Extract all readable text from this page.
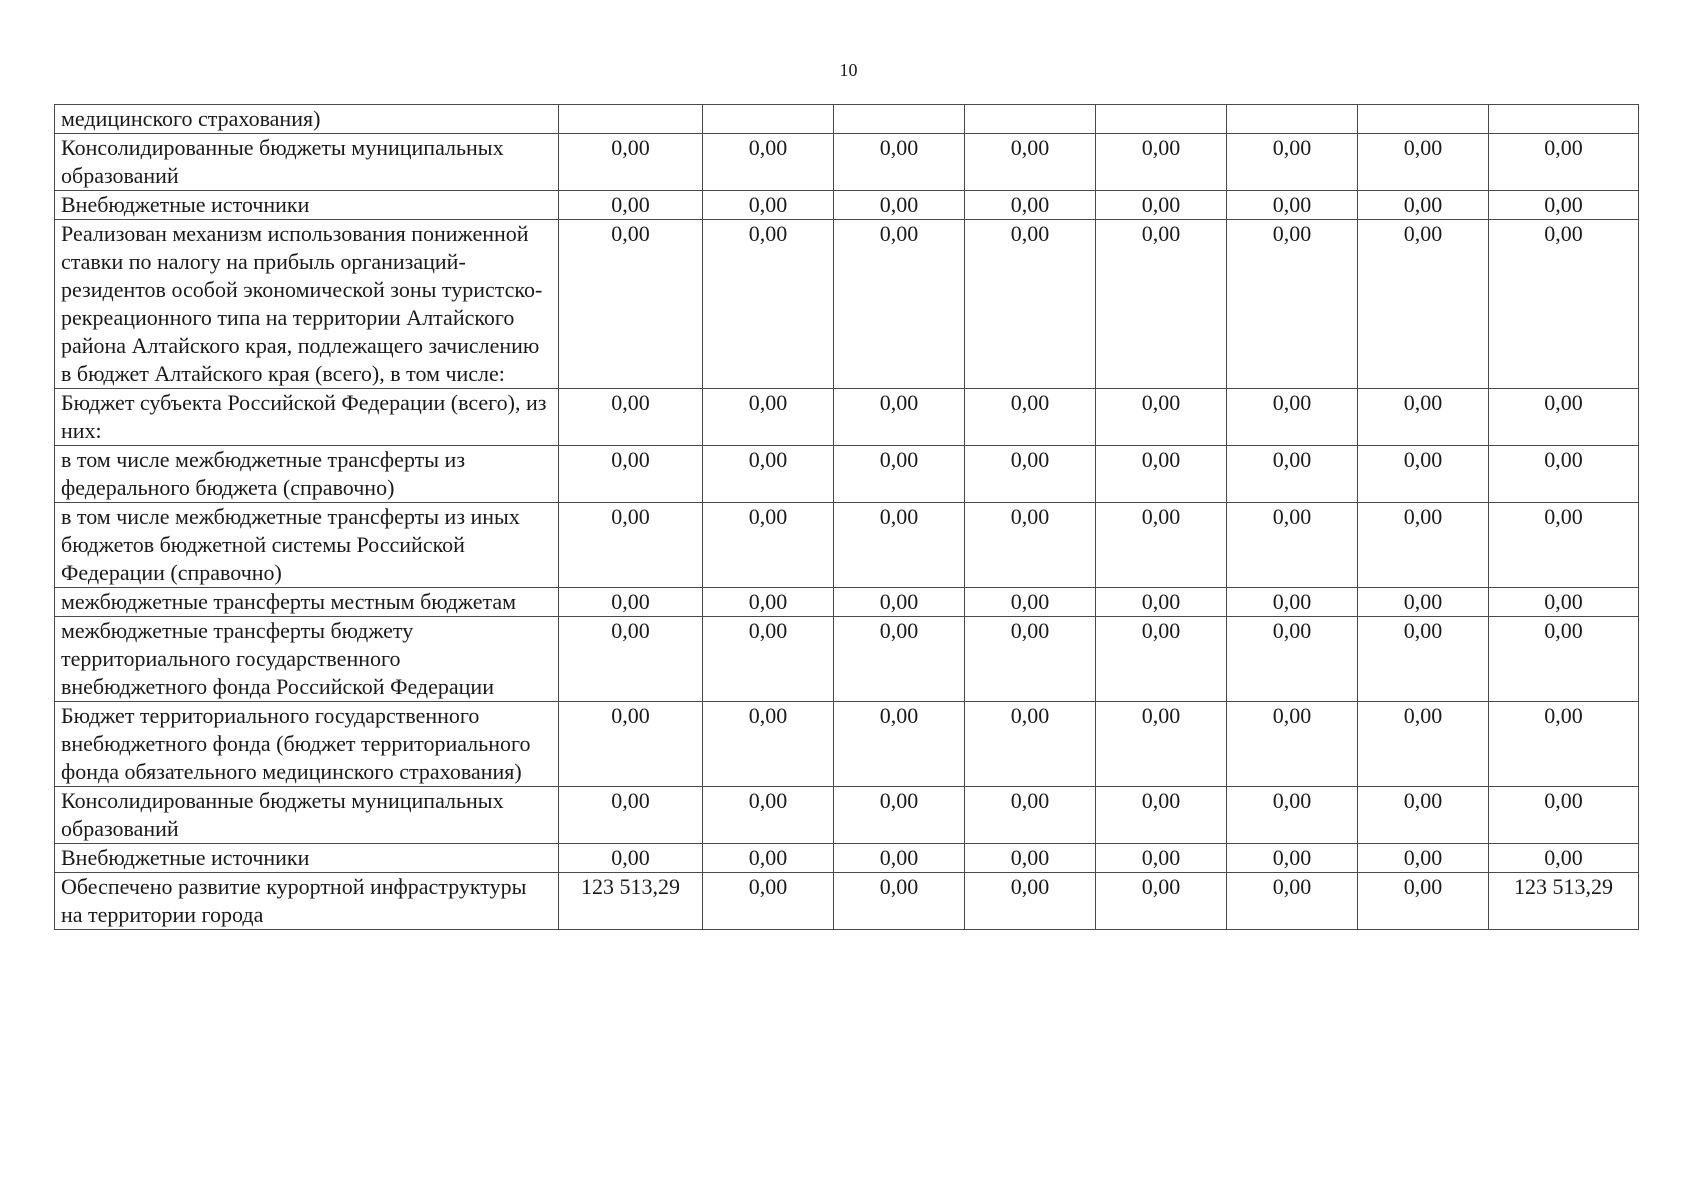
10
медицинского страхования)								
Консолидированные бюджеты муниципальных образований	0,00	0,00	0,00	0,00	0,00	0,00	0,00	0,00
Внебюджетные источники	0,00	0,00	0,00	0,00	0,00	0,00	0,00	0,00
Реализован механизм использования пониженной ставки по налогу на прибыль организаций-резидентов особой экономической зоны туристско-рекреационного типа на территории Алтайского района Алтайского края, подлежащего зачислению в бюджет Алтайского края (всего), в том числе:	0,00	0,00	0,00	0,00	0,00	0,00	0,00	0,00
Бюджет субъекта Российской Федерации (всего), из них:	0,00	0,00	0,00	0,00	0,00	0,00	0,00	0,00
в том числе межбюджетные трансферты из федерального бюджета (справочно)	0,00	0,00	0,00	0,00	0,00	0,00	0,00	0,00
в том числе межбюджетные трансферты из иных бюджетов бюджетной системы Российской Федерации (справочно)	0,00	0,00	0,00	0,00	0,00	0,00	0,00	0,00
межбюджетные трансферты местным бюджетам	0,00	0,00	0,00	0,00	0,00	0,00	0,00	0,00
межбюджетные трансферты бюджету территориального государственного внебюджетного фонда Российской Федерации	0,00	0,00	0,00	0,00	0,00	0,00	0,00	0,00
Бюджет территориального государственного внебюджетного фонда (бюджет территориального фонда обязательного медицинского страхования)	0,00	0,00	0,00	0,00	0,00	0,00	0,00	0,00
Консолидированные бюджеты муниципальных образований	0,00	0,00	0,00	0,00	0,00	0,00	0,00	0,00
Внебюджетные источники	0,00	0,00	0,00	0,00	0,00	0,00	0,00	0,00
Обеспечено развитие курортной инфраструктуры на территории города	123 513,29	0,00	0,00	0,00	0,00	0,00	0,00	123 513,29
